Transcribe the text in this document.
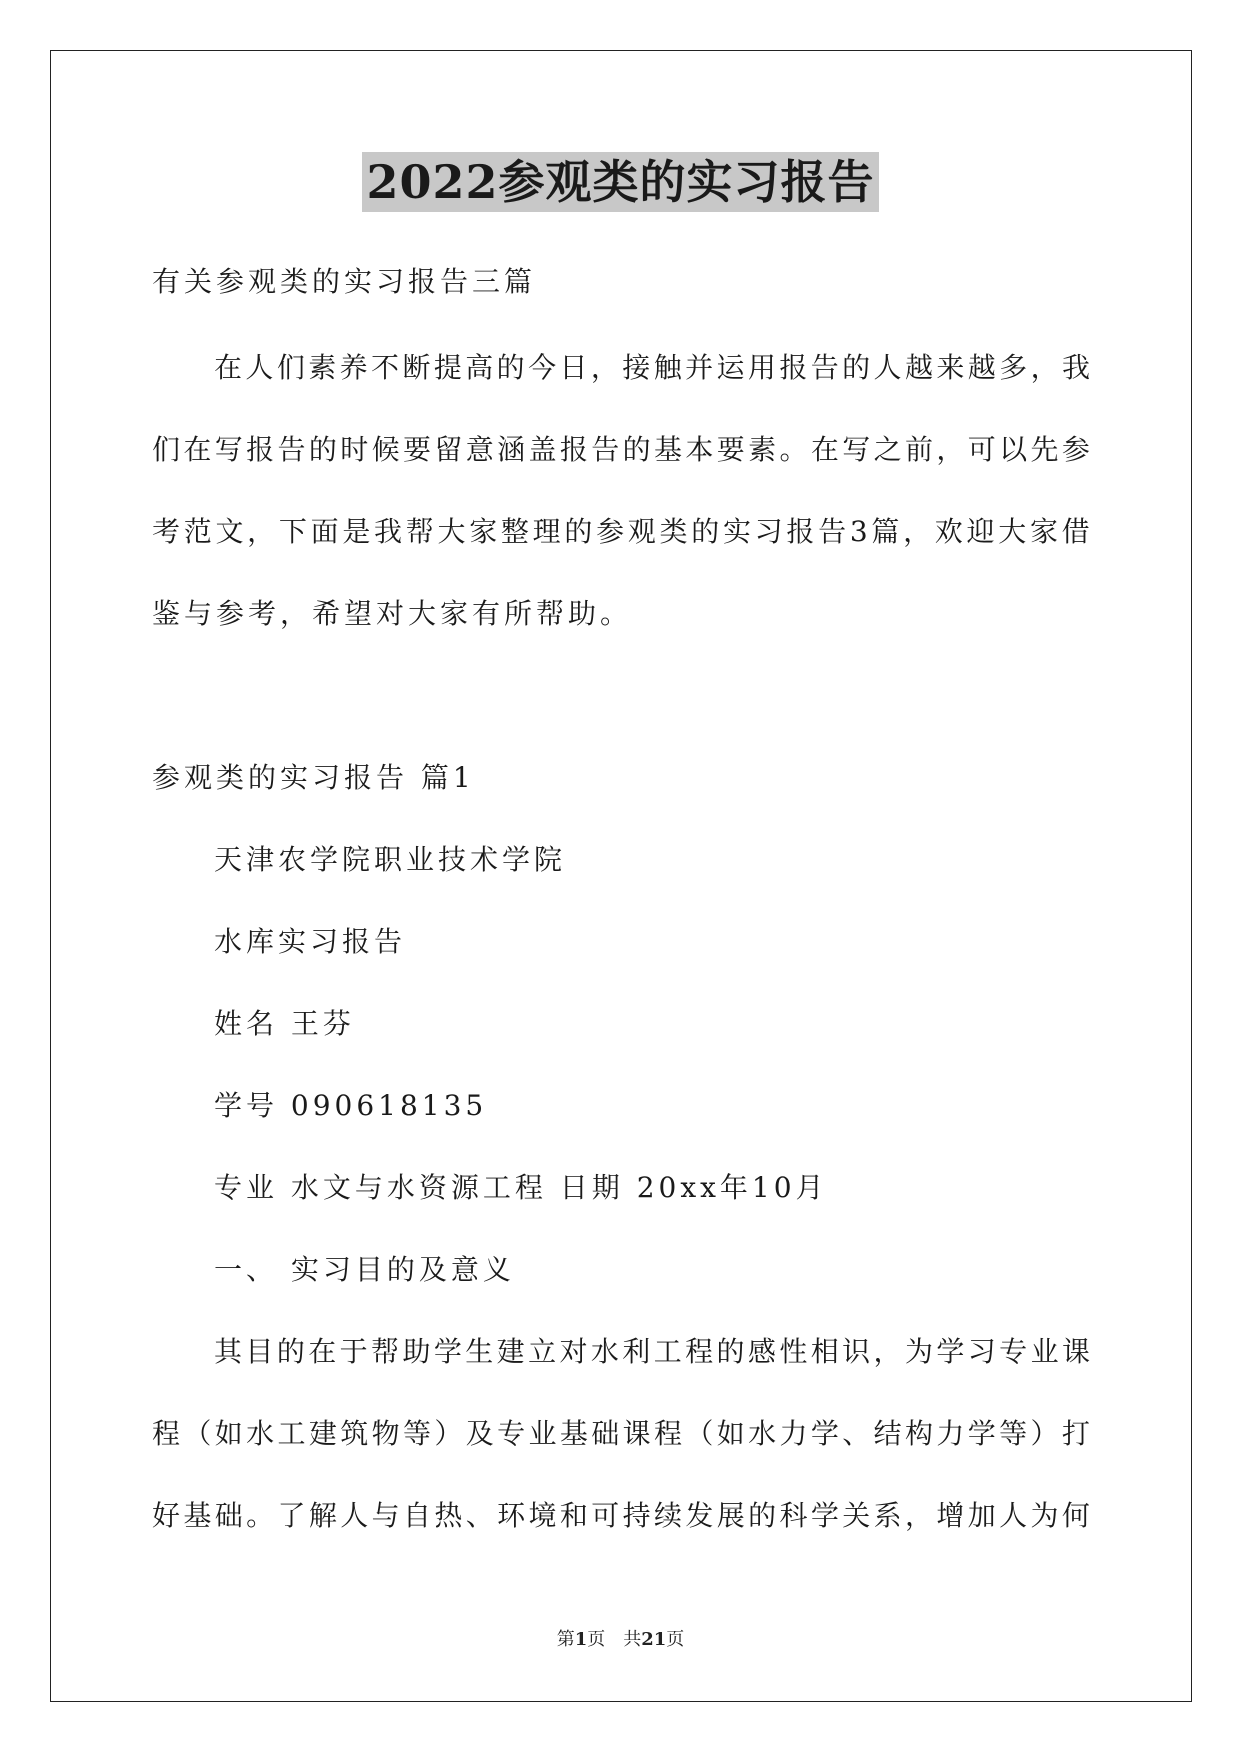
2022参观类的实习报告
有关参观类的实习报告三篇
在 人 们 素 养 不 断 提 高 的 今 日 ， 接 触 并 运 用 报 告 的 人 越 来 越 多 ， 我
们 在 写 报 告 的 时 候 要 留 意 涵 盖 报 告 的 基 本 要 素 。 在 写 之 前 ， 可 以 先 参
考 范 文 ， 下 面 是 我 帮 大 家 整 理 的 参 观 类 的 实 习 报 告 3 篇 ， 欢 迎 大 家 借
鉴与参考，希望对大家有所帮助。
参观类的实习报告 篇1
天津农学院职业技术学院
水库实习报告
姓名 王芬
学号 090618135
专业 水文与水资源工程 日期 20xx年10月
一、 实习目的及意义
其 目 的 在 于 帮 助 学 生 建 立 对 水 利 工 程 的 感 性 相 识 ， 为 学 习 专 业 课
程 （ 如 水 工 建 筑 物 等 ） 及 专 业 基 础 课 程 （ 如 水 力 学 、 结 构 力 学 等 ） 打
好 基 础 。 了 解 人 与 自 热 、 环 境 和 可 持 续 发 展 的 科 学 关 系 ， 增 加 人 为 何
第1页　共21页
